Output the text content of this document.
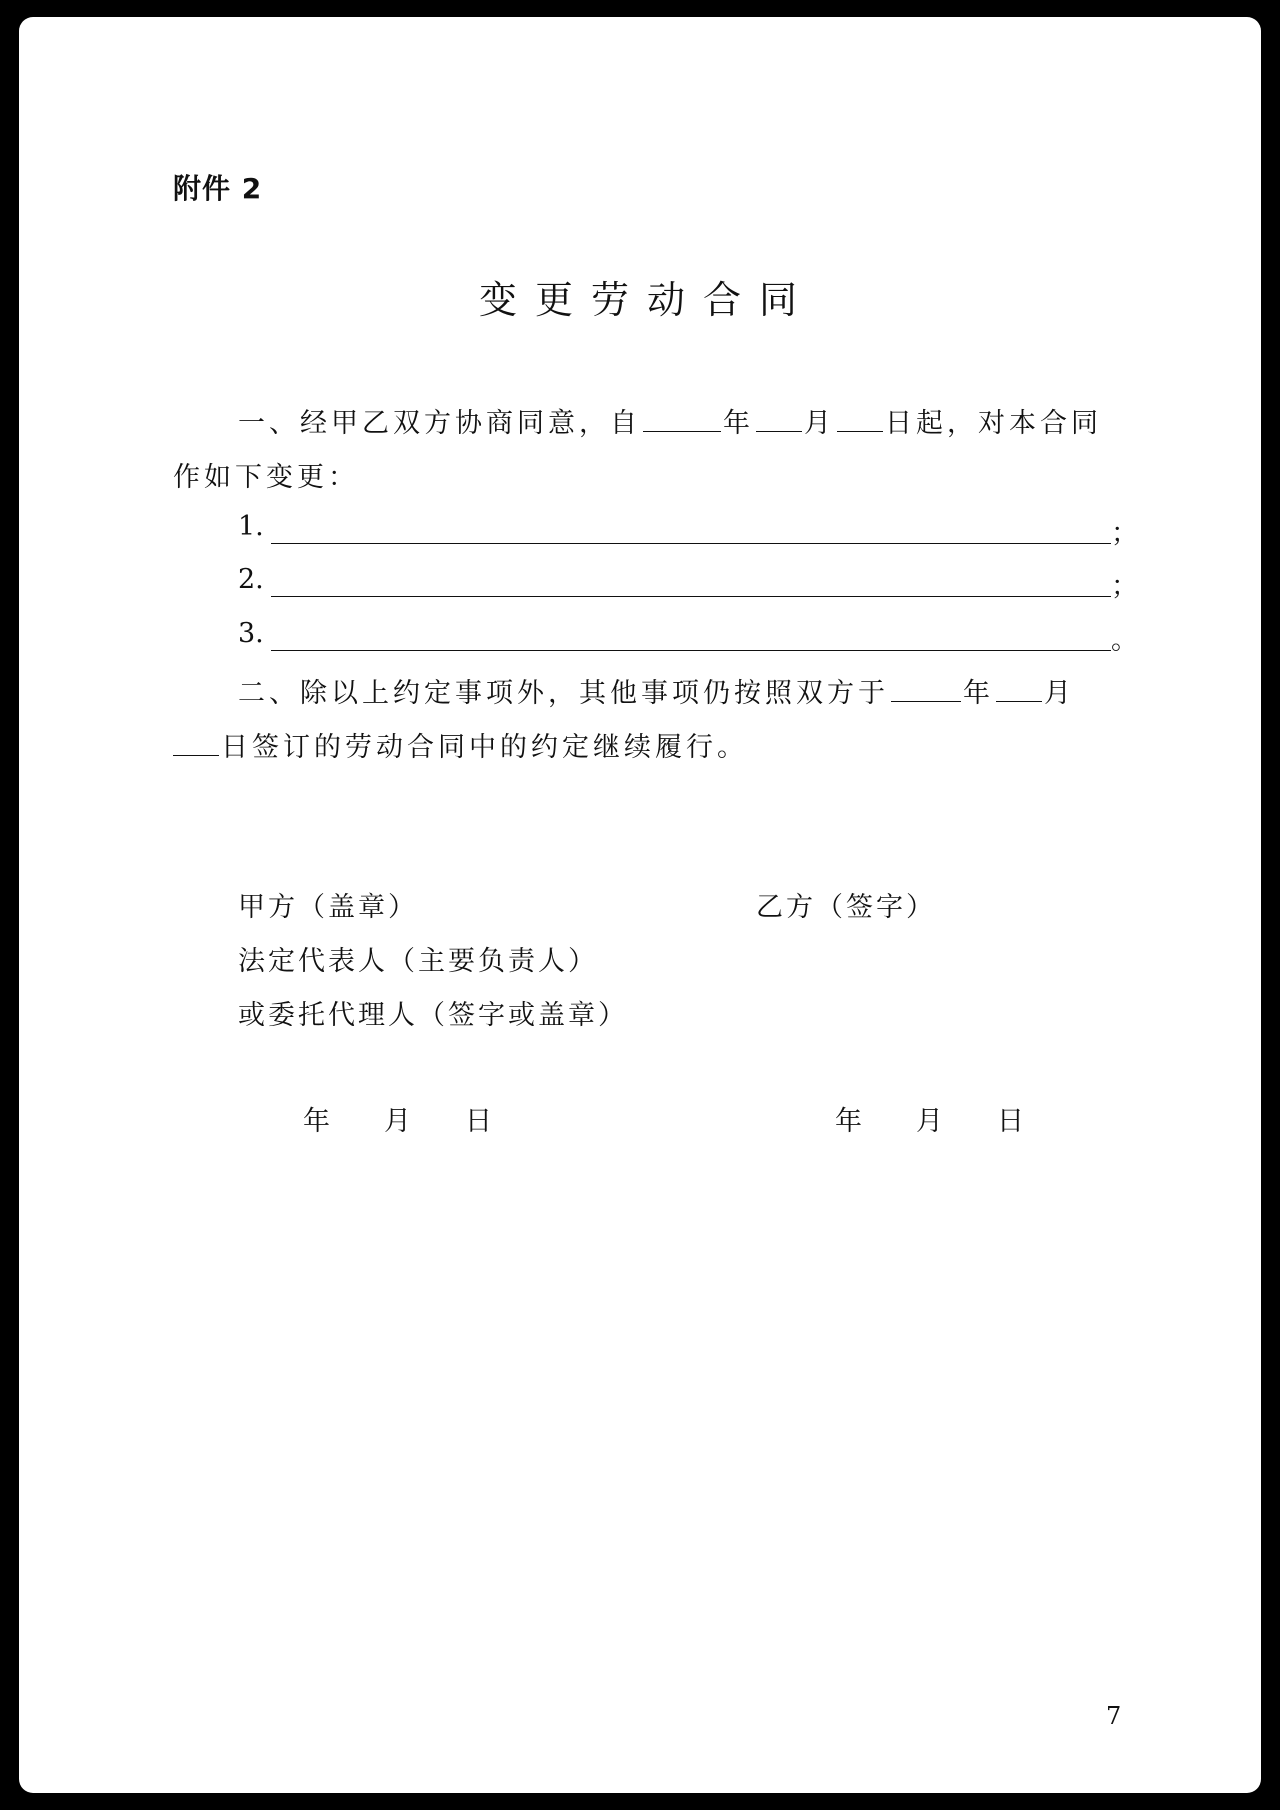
附件 2
变更劳动合同
一、经甲乙双方协商同意，自	年 月 日起，对本合同
作如下变更：
1.	；
2.	；
3.	。
二、除以上约定事项外，其他事项仍按照双方于	年 月
日签订的劳动合同中的约定继续履行。
甲方（盖章）	乙方（签字）
法定代表人（主要负责人）
或委托代理人（签字或盖章）
年 月 日	年 月 日
7
